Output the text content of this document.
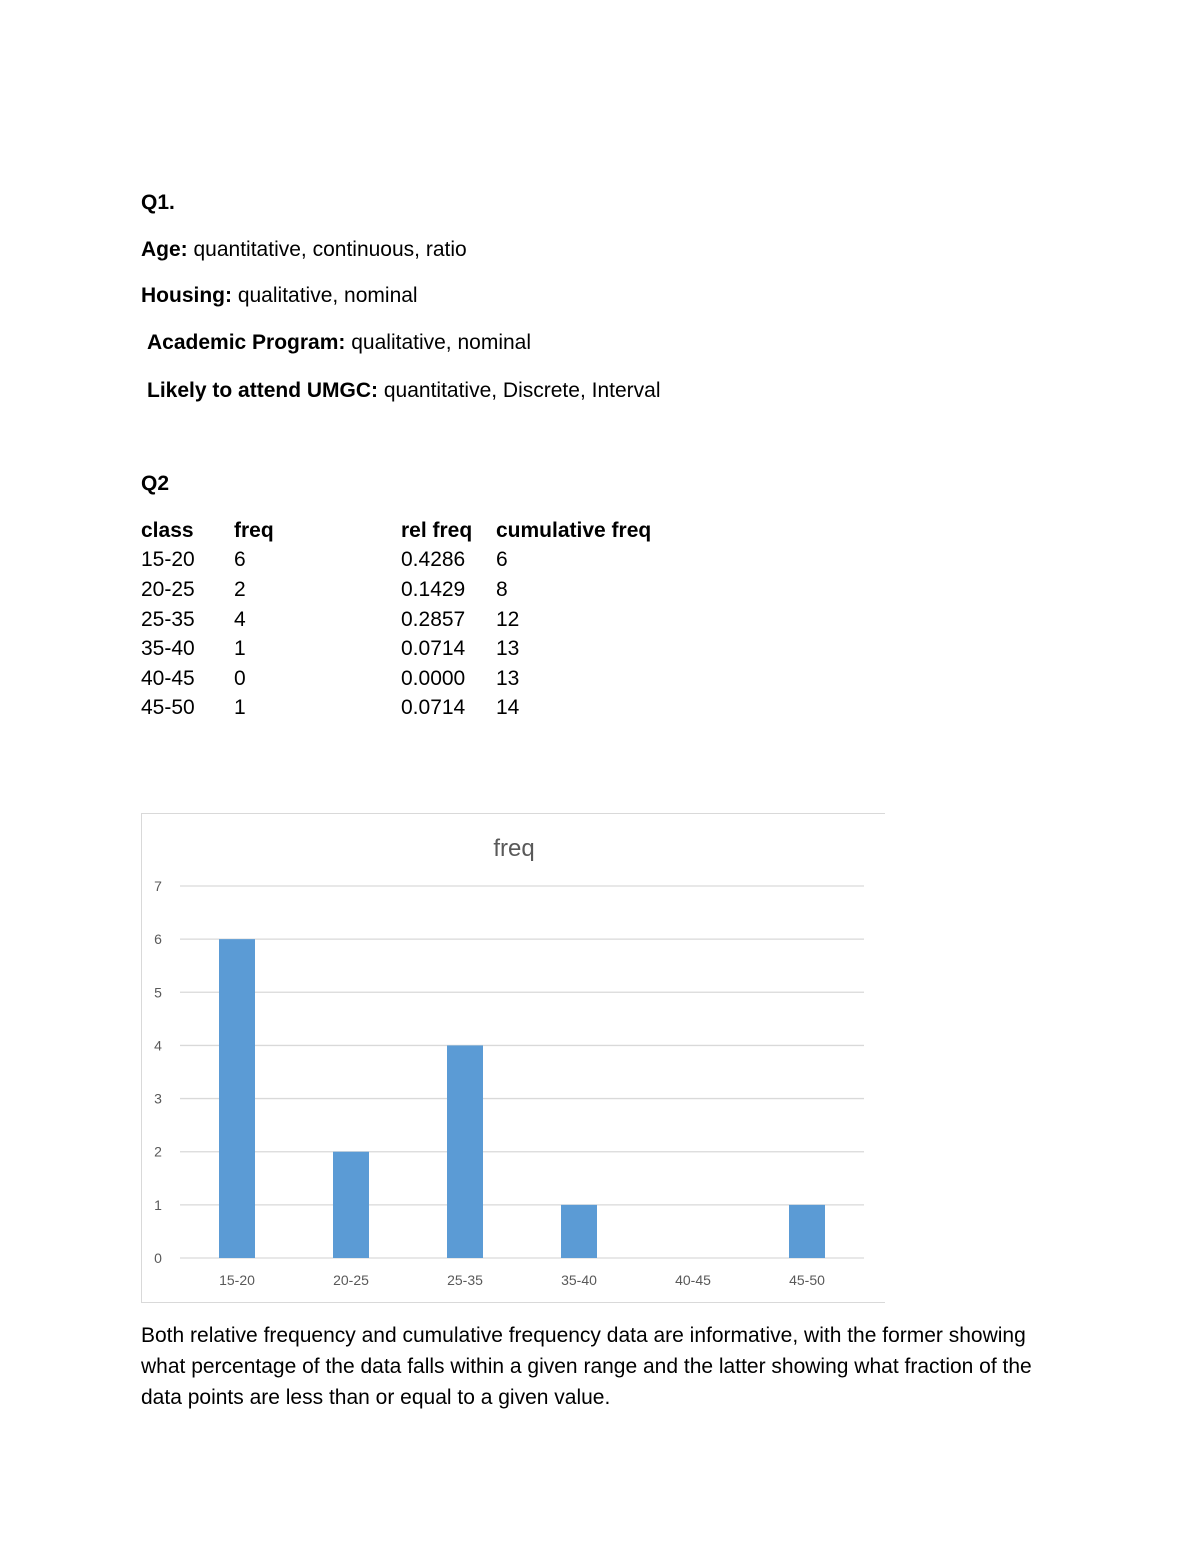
Q1.
Age: quantitative, continuous, ratio
Housing: qualitative, nominal
Academic Program: qualitative, nominal
Likely to attend UMGC: quantitative, Discrete, Interval
Q2
class	freq	rel freq	cumulative freq
15-20	6	0.4286	6
20-25	2	0.1429	8
25-35	4	0.2857	12
35-40	1	0.0714	13
40-45	0	0.0000	13
45-50	1	0.0714	14
freq
0
1
2
3
4
5
6
7
15-20	20-25	25-35	35-40	40-45	45-50
Both relative frequency and cumulative frequency data are informative, with the former showing what percentage of the data falls within a given range and the latter showing what fraction of the data points are less than or equal to a given value.
